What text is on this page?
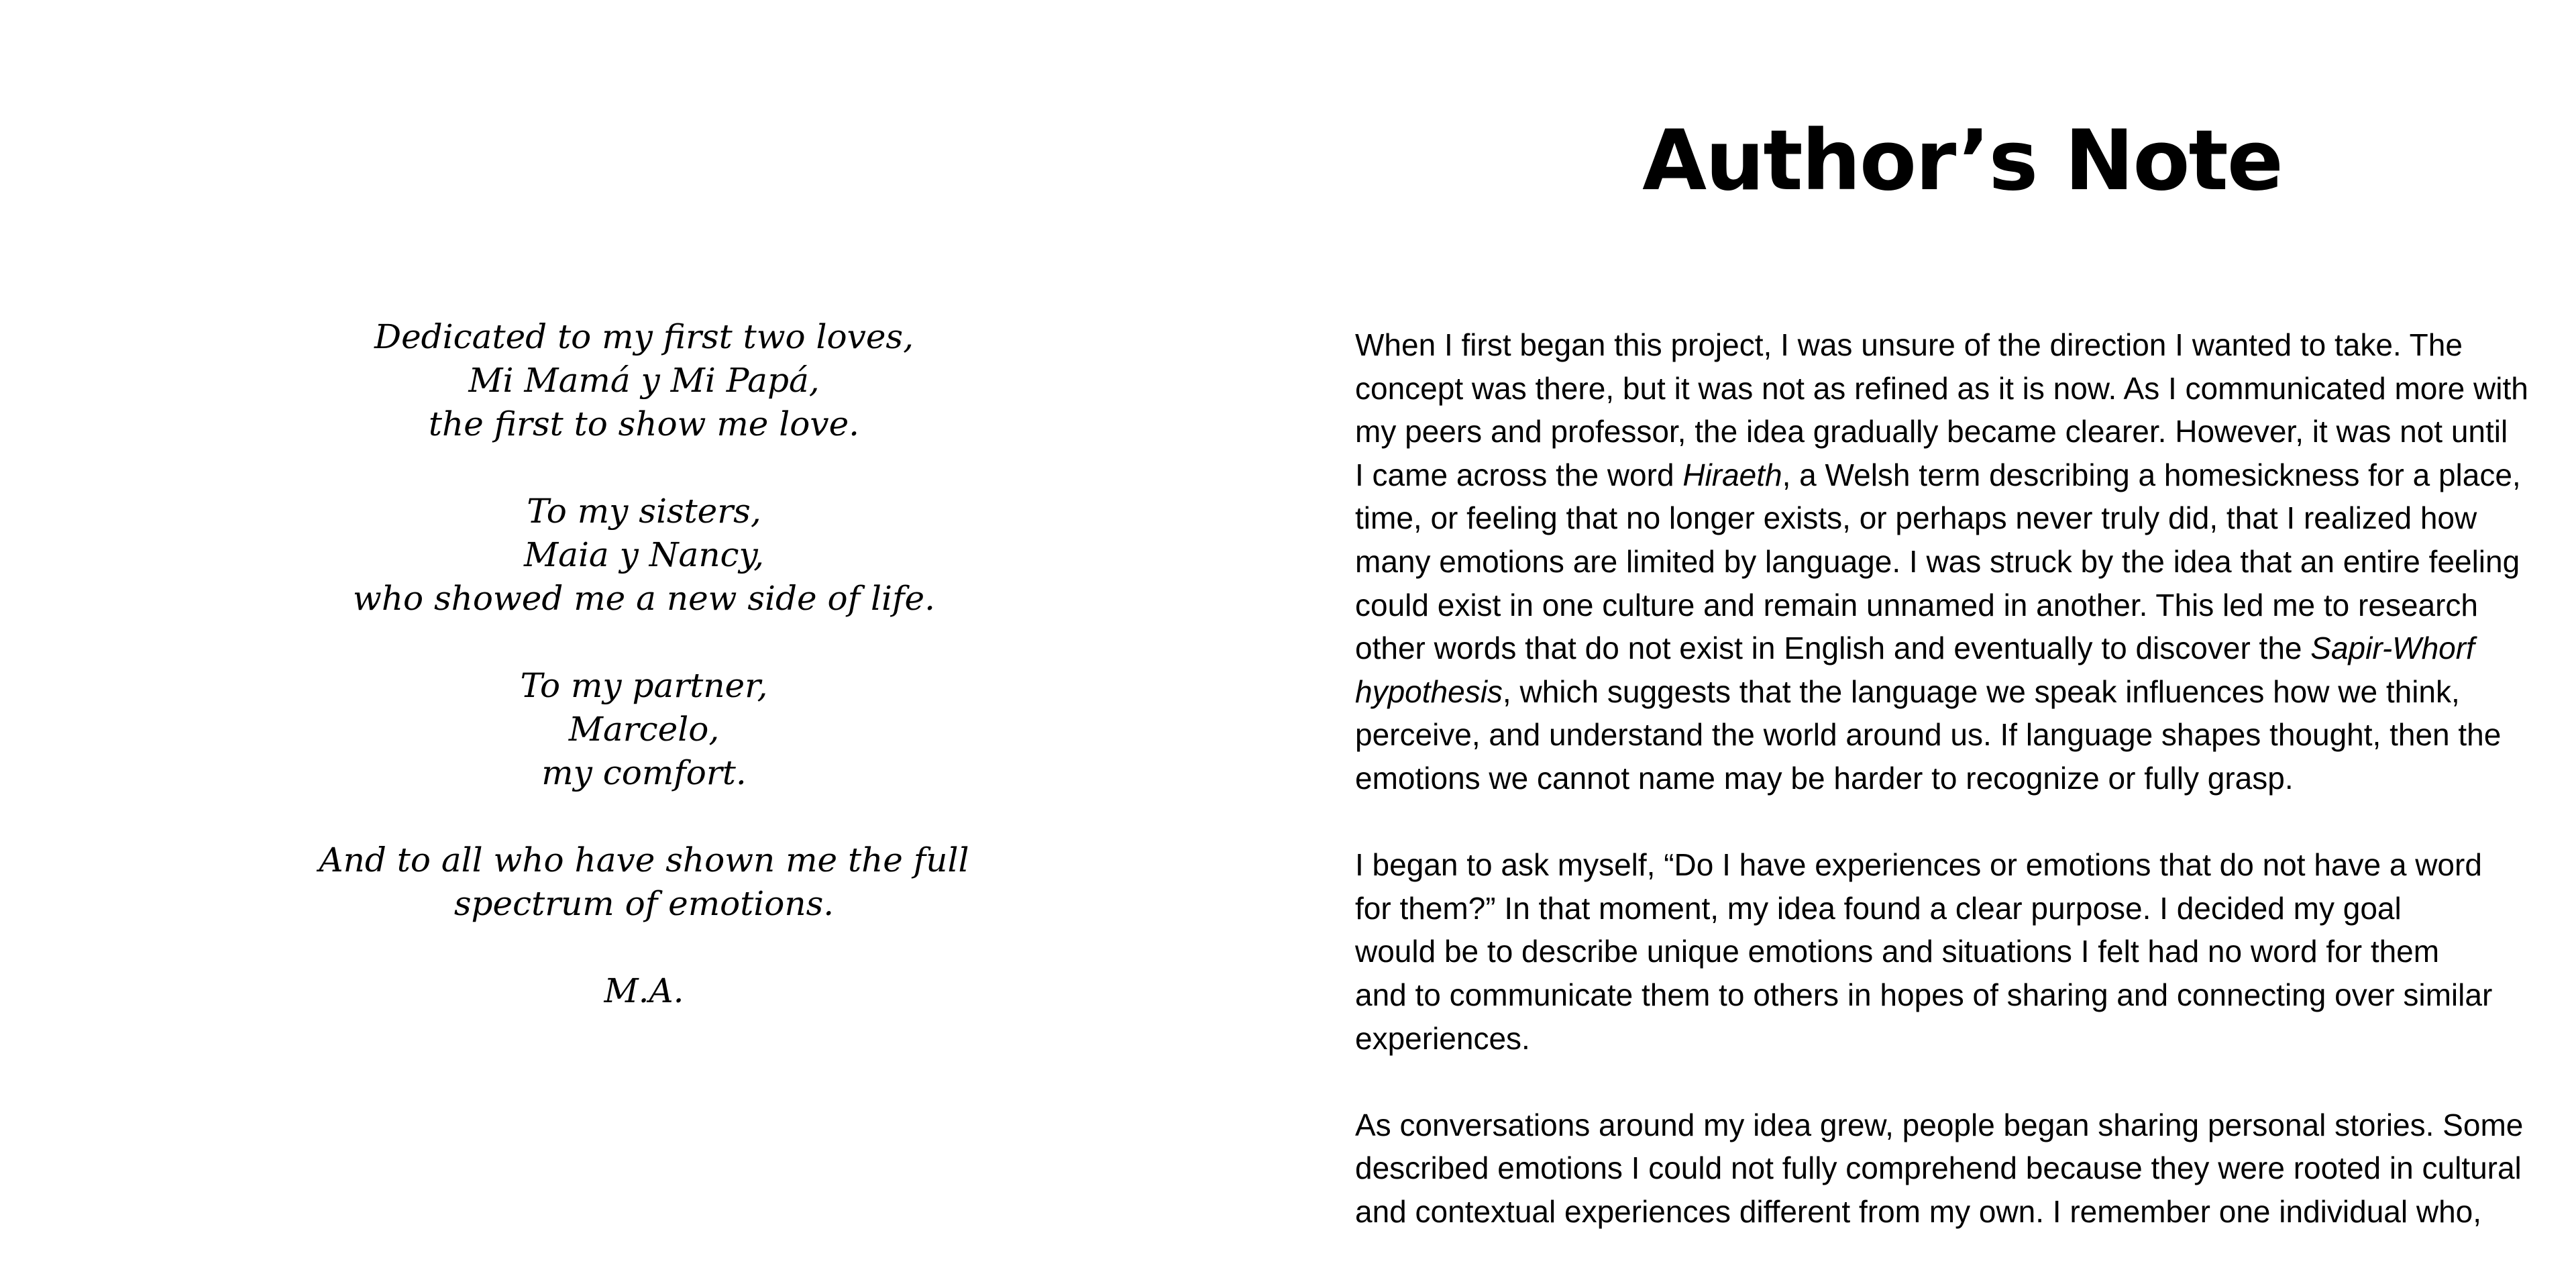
Dedicated to my first two loves,
Mi Mamá y Mi Papá,
the first to show me love.
To my sisters,
Maia y Nancy,
who showed me a new side of life.
To my partner,
Marcelo,
my comfort.
And to all who have shown me the full
spectrum of emotions.
M.A.
Author’s Note

When I first began this project, I was unsure of the direction I wanted to take. The
concept was there, but it was not as refined as it is now. As I communicated more with
my peers and professor, the idea gradually became clearer. However, it was not until
I came across the word Hiraeth, a Welsh term describing a homesickness for a place,
time, or feeling that no longer exists, or perhaps never truly did, that I realized how
many emotions are limited by language. I was struck by the idea that an entire feeling
could exist in one culture and remain unnamed in another. This led me to research
other words that do not exist in English and eventually to discover the Sapir-Whorf
hypothesis, which suggests that the language we speak influences how we think,
perceive, and understand the world around us. If language shapes thought, then the
emotions we cannot name may be harder to recognize or fully grasp.

I began to ask myself, “Do I have experiences or emotions that do not have a word
for them?” In that moment, my idea found a clear purpose. I decided my goal
would be to describe unique emotions and situations I felt had no word for them
and to communicate them to others in hopes of sharing and connecting over similar
experiences.

As conversations around my idea grew, people began sharing personal stories. Some
described emotions I could not fully comprehend because they were rooted in cultural
and contextual experiences different from my own. I remember one individual who,
